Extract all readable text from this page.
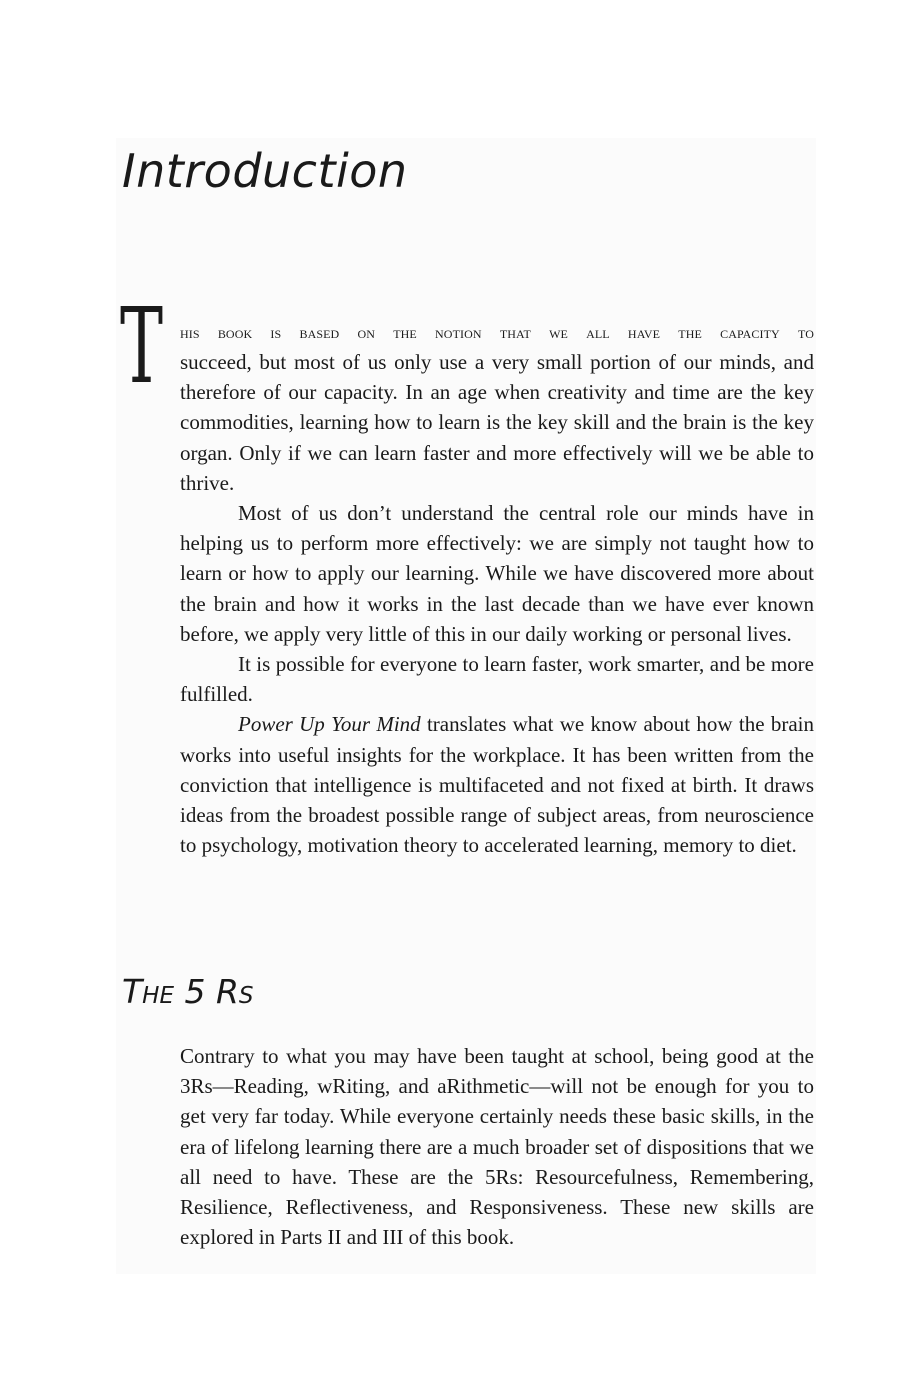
Introduction
T his book is based on the notion that we all have the capacity to

succeed, but most of us only use a very small portion of our minds, and therefore of our capacity. In an age when creativity and time are the key commodities, learning how to learn is the key skill and the brain is the key organ. Only if we can learn faster and more effectively will we be able to thrive.

Most of us don’t understand the central role our minds have in helping us to perform more effectively: we are simply not taught how to learn or how to apply our learning. While we have discovered more about the brain and how it works in the last decade than we have ever known before, we apply very little of this in our daily working or personal lives.

It is possible for everyone to learn faster, work smarter, and be more fulfilled.

Power Up Your Mind translates what we know about how the brain works into useful insights for the workplace. It has been written from the conviction that intelligence is multifaceted and not fixed at birth. It draws ideas from the broadest possible range of subject areas, from neuroscience to psychology, motivation theory to accelerated learning, memory to diet.

The 5 Rs

Contrary to what you may have been taught at school, being good at the 3Rs—Reading, wRiting, and aRithmetic—will not be enough for you to get very far today. While everyone certainly needs these basic skills, in the era of lifelong learning there are a much broader set of dispositions that we all need to have. These are the 5Rs: Resourcefulness, Remembering, Resilience, Reflectiveness, and Responsiveness. These new skills are explored in Parts II and III of this book.
